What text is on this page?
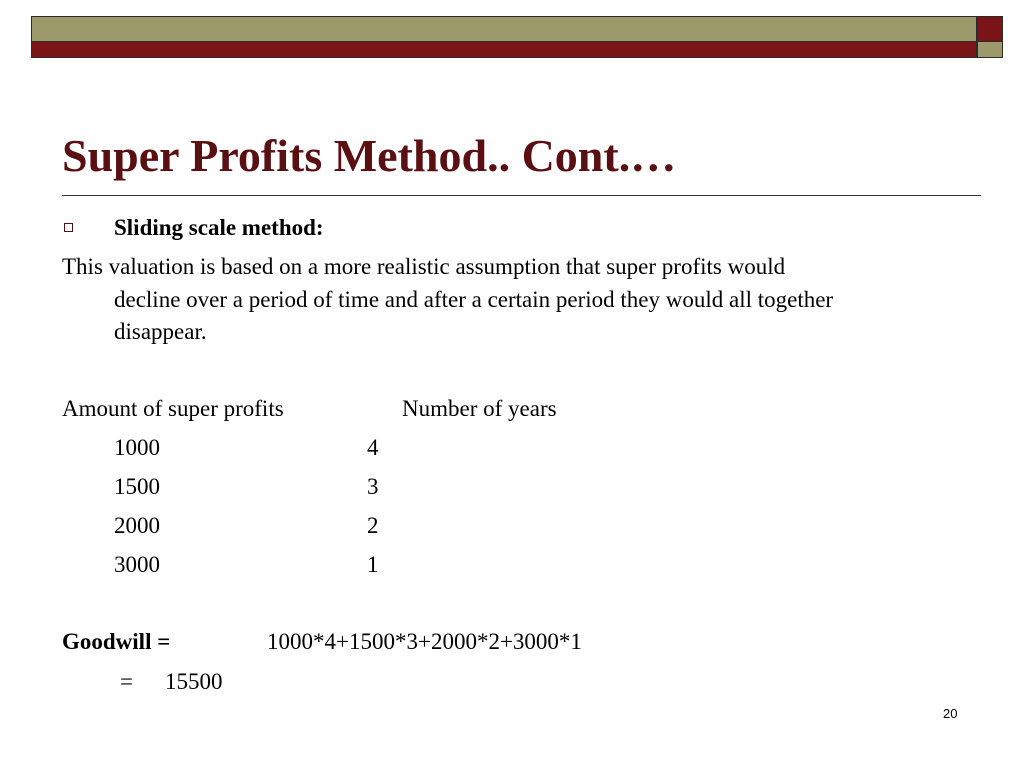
Super Profits Method.. Cont.…
Sliding scale method:
This valuation is based on a more realistic assumption that super profits would
decline over a period of time and after a certain period they would all together
disappear.
Amount of super profits	Number of years
1000	4
1500	3
2000	2
3000	1
Goodwill =	1000*4+1500*3+2000*2+3000*1
= 15500
20
